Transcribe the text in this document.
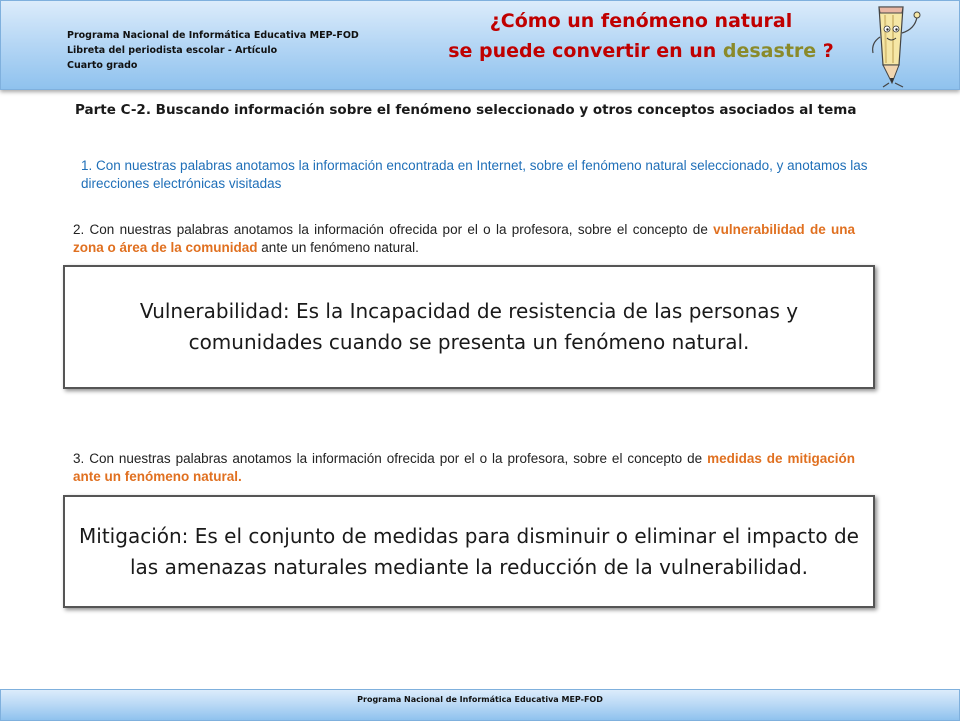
Programa Nacional de Informática Educativa MEP-FOD
Libreta del periodista escolar - Artículo
Cuarto grado
¿Cómo un fenómeno natural
se puede convertir en un desastre ?
Parte C-2. Buscando información sobre el fenómeno seleccionado y otros conceptos asociados al tema
1. Con nuestras palabras anotamos la información encontrada en Internet, sobre el fenómeno natural seleccionado, y anotamos las direcciones electrónicas visitadas
2. Con nuestras palabras anotamos la información ofrecida por el o la profesora, sobre el concepto de vulnerabilidad de una zona o área de la comunidad ante un fenómeno natural.
Vulnerabilidad: Es la Incapacidad de resistencia de las personas y comunidades cuando se presenta un fenómeno natural.
3. Con nuestras palabras anotamos la información ofrecida por el o la profesora, sobre el concepto de medidas de mitigación ante un fenómeno natural.
Mitigación: Es el conjunto de medidas para disminuir o eliminar el impacto de las amenazas naturales mediante la reducción de la vulnerabilidad.
Programa Nacional de Informática Educativa MEP-FOD
